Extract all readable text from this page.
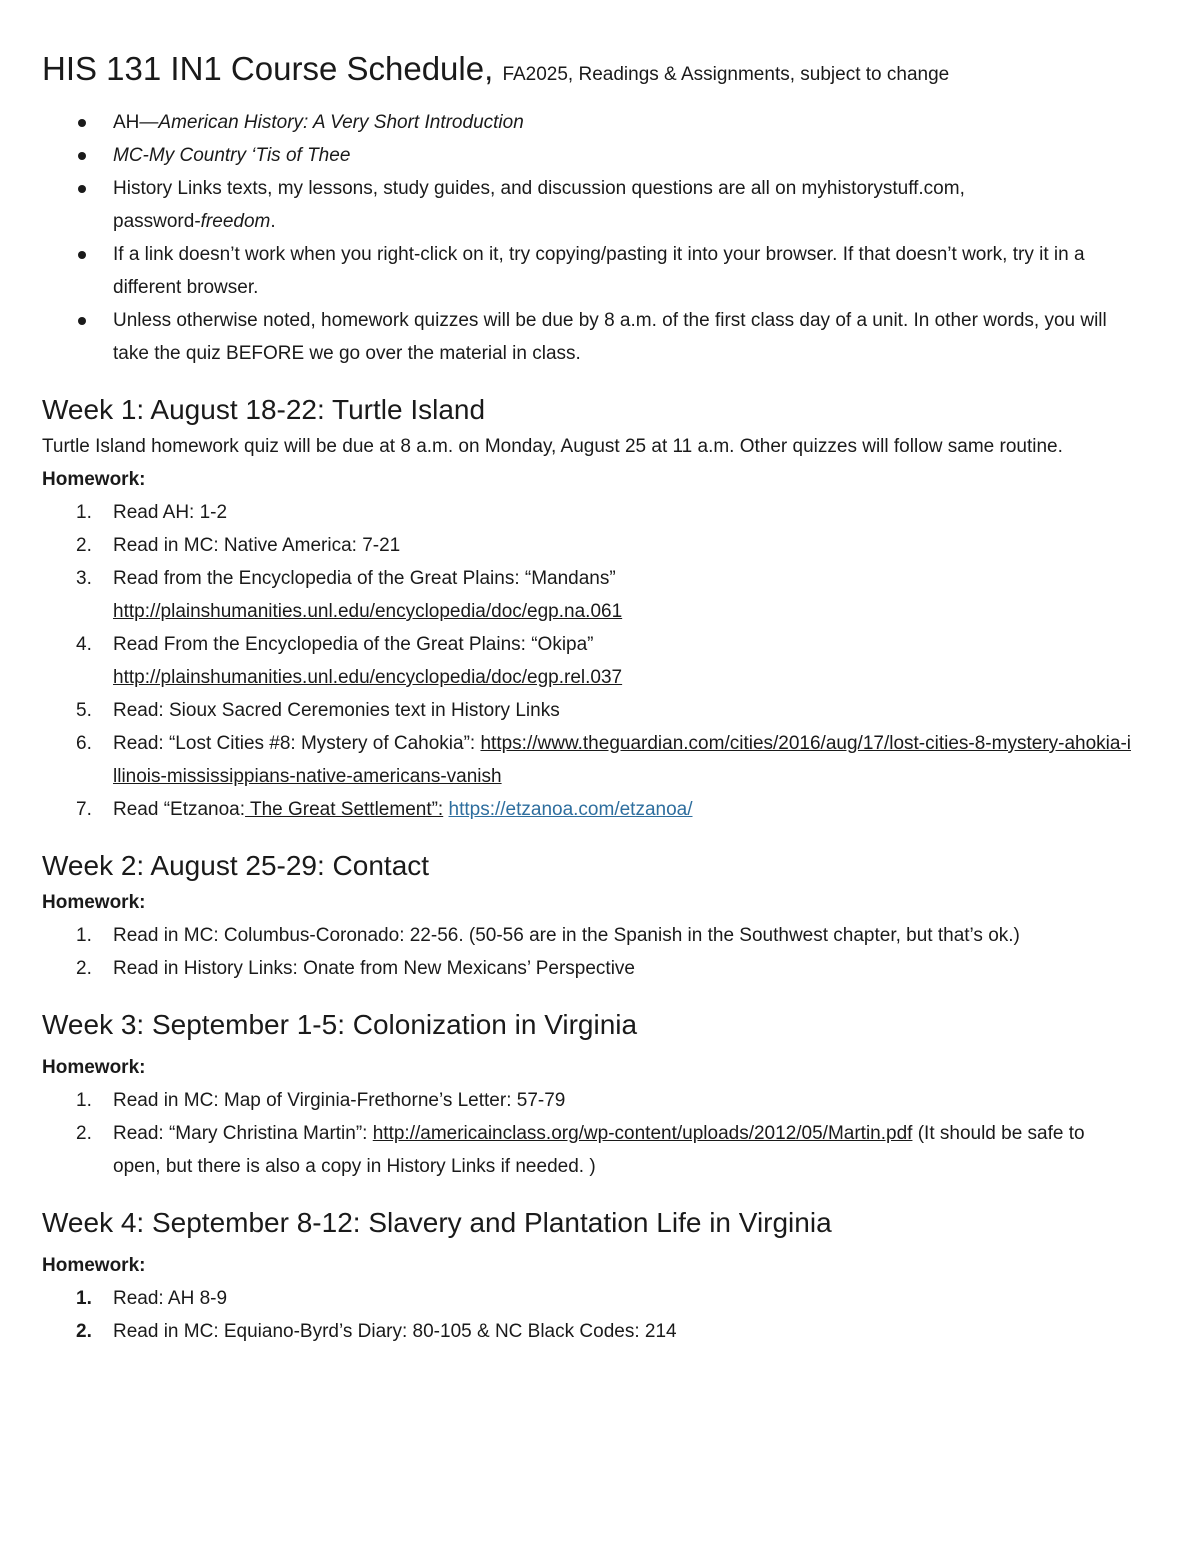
HIS 131 IN1 Course Schedule, FA2025, Readings & Assignments, subject to change
AH—American History: A Very Short Introduction
MC-My Country ‘Tis of Thee
History Links texts, my lessons, study guides, and discussion questions are all on myhistorystuff.com,
password-freedom.
If a link doesn’t work when you right-click on it, try copying/pasting it into your browser. If that doesn’t work, try it in a different browser.
Unless otherwise noted, homework quizzes will be due by 8 a.m. of the first class day of a unit. In other words, you will take the quiz BEFORE we go over the material in class.
Week 1: August 18-22: Turtle Island

Turtle Island homework quiz will be due at 8 a.m. on Monday, August 25 at 11 a.m. Other quizzes will follow same routine.

Homework:

1.	Read AH: 1-2
2.	Read in MC: Native America: 7-21
3.	Read from the Encyclopedia of the Great Plains: “Mandans”
http://plainshumanities.unl.edu/encyclopedia/doc/egp.na.061
4.	Read From the Encyclopedia of the Great Plains: “Okipa”
http://plainshumanities.unl.edu/encyclopedia/doc/egp.rel.037
5.	Read: Sioux Sacred Ceremonies text in History Links
6.	Read: “Lost Cities #8: Mystery of Cahokia”: https://www.theguardian.com/cities/2016/aug/17/lost-cities-8-mystery-ahokia-illinois-mississippians-native-americans-vanish
7.	Read “Etzanoa: The Great Settlement”: https://etzanoa.com/etzanoa/
Week 2: August 25-29: Contact

Homework:

1.	Read in MC: Columbus-Coronado: 22-56. (50-56 are in the Spanish in the Southwest chapter, but that’s ok.)
2.	Read in History Links: Onate from New Mexicans’ Perspective
Week 3: September 1-5: Colonization in Virginia

Homework:

1.	Read in MC: Map of Virginia-Frethorne’s Letter: 57-79
2.	Read: “Mary Christina Martin”: http://americainclass.org/wp-content/uploads/2012/05/Martin.pdf (It should be safe to open, but there is also a copy in History Links if needed. )
Week 4: September 8-12: Slavery and Plantation Life in Virginia

Homework:

1.	Read: AH 8-9
2.	Read in MC: Equiano-Byrd’s Diary: 80-105 & NC Black Codes: 214
